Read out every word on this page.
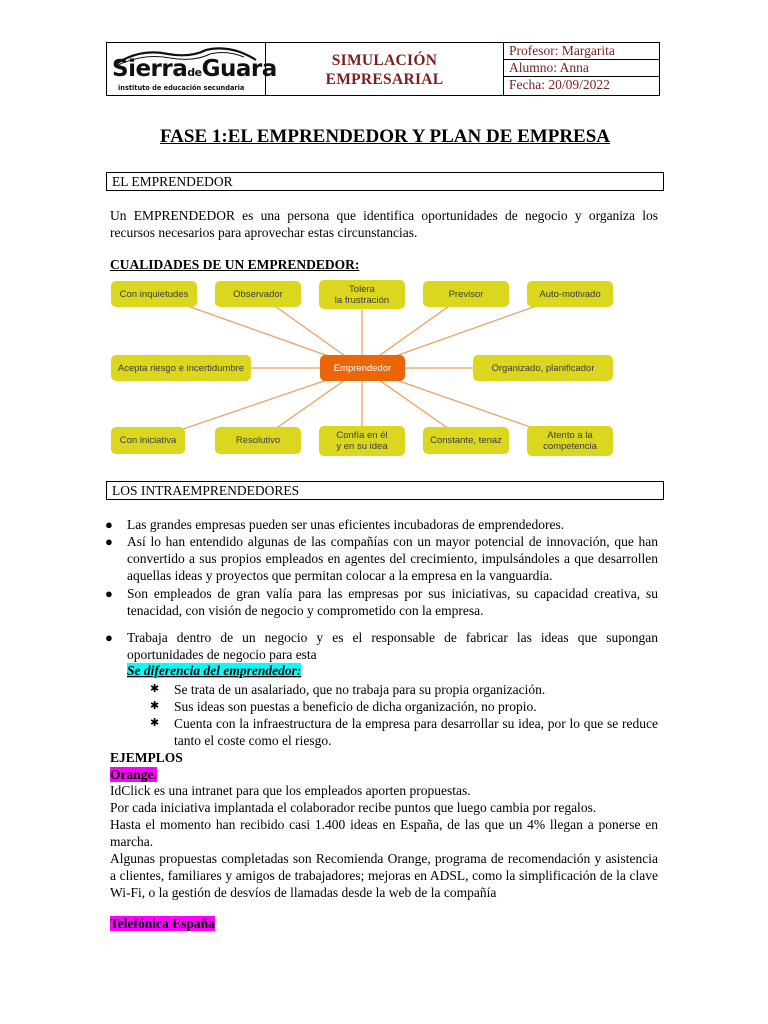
SierradeGuara
instituto de educación secundaria
SIMULACIÓN
EMPRESARIAL
Profesor: Margarita
Alumno: Anna
Fecha: 20/09/2022
FASE 1:EL EMPRENDEDOR Y PLAN DE EMPRESA
EL EMPRENDEDOR
Un EMPRENDEDOR es una persona que identifica oportunidades de negocio y organiza los recursos necesarios para aprovechar estas circunstancias.
CUALIDADES DE UN EMPRENDEDOR:
Con inquietudes	Observador	Tolera
la frustración
Previsor	Auto-motivado
Acepta riesgo e incertidumbre	Emprendedor	Organizado, planificador
Con iniciativa	Resolutivo	Confía en él
y en su idea
Constante, tenaz	Atento a la
competencia
LOS INTRAEMPRENDEDORES
● Las grandes empresas pueden ser unas eficientes incubadoras de emprendedores.
● Así lo han entendido algunas de las compañías con un mayor potencial de innovación, que han convertido a sus propios empleados en agentes del crecimiento, impulsándoles a que desarrollen aquellas ideas y proyectos que permitan colocar a la empresa en la vanguardia.
● Son empleados de gran valía para las empresas por sus iniciativas, su capacidad creativa, su tenacidad, con visión de negocio y comprometido con la empresa.
● Trabaja dentro de un negocio y es el responsable de fabricar las ideas que supongan oportunidades de negocio para esta
Se diferencia del emprendedor:
✱ Se trata de un asalariado, que no trabaja para su propia organización.
✱ Sus ideas son puestas a beneficio de dicha organización, no propio.
✱ Cuenta con la infraestructura de la empresa para desarrollar su idea, por lo que se reduce tanto el coste como el riesgo.
EJEMPLOS
Orange.
IdClick es una intranet para que los empleados aporten propuestas.
Por cada iniciativa implantada el colaborador recibe puntos que luego cambia por regalos.
Hasta el momento han recibido casi 1.400 ideas en España, de las que un 4% llegan a ponerse en marcha.
Algunas propuestas completadas son Recomienda Orange, programa de recomendación y asistencia a clientes, familiares y amigos de trabajadores; mejoras en ADSL, como la simplificación de la clave Wi-Fi, o la gestión de desvíos de llamadas desde la web de la compañía
Telefónica España
